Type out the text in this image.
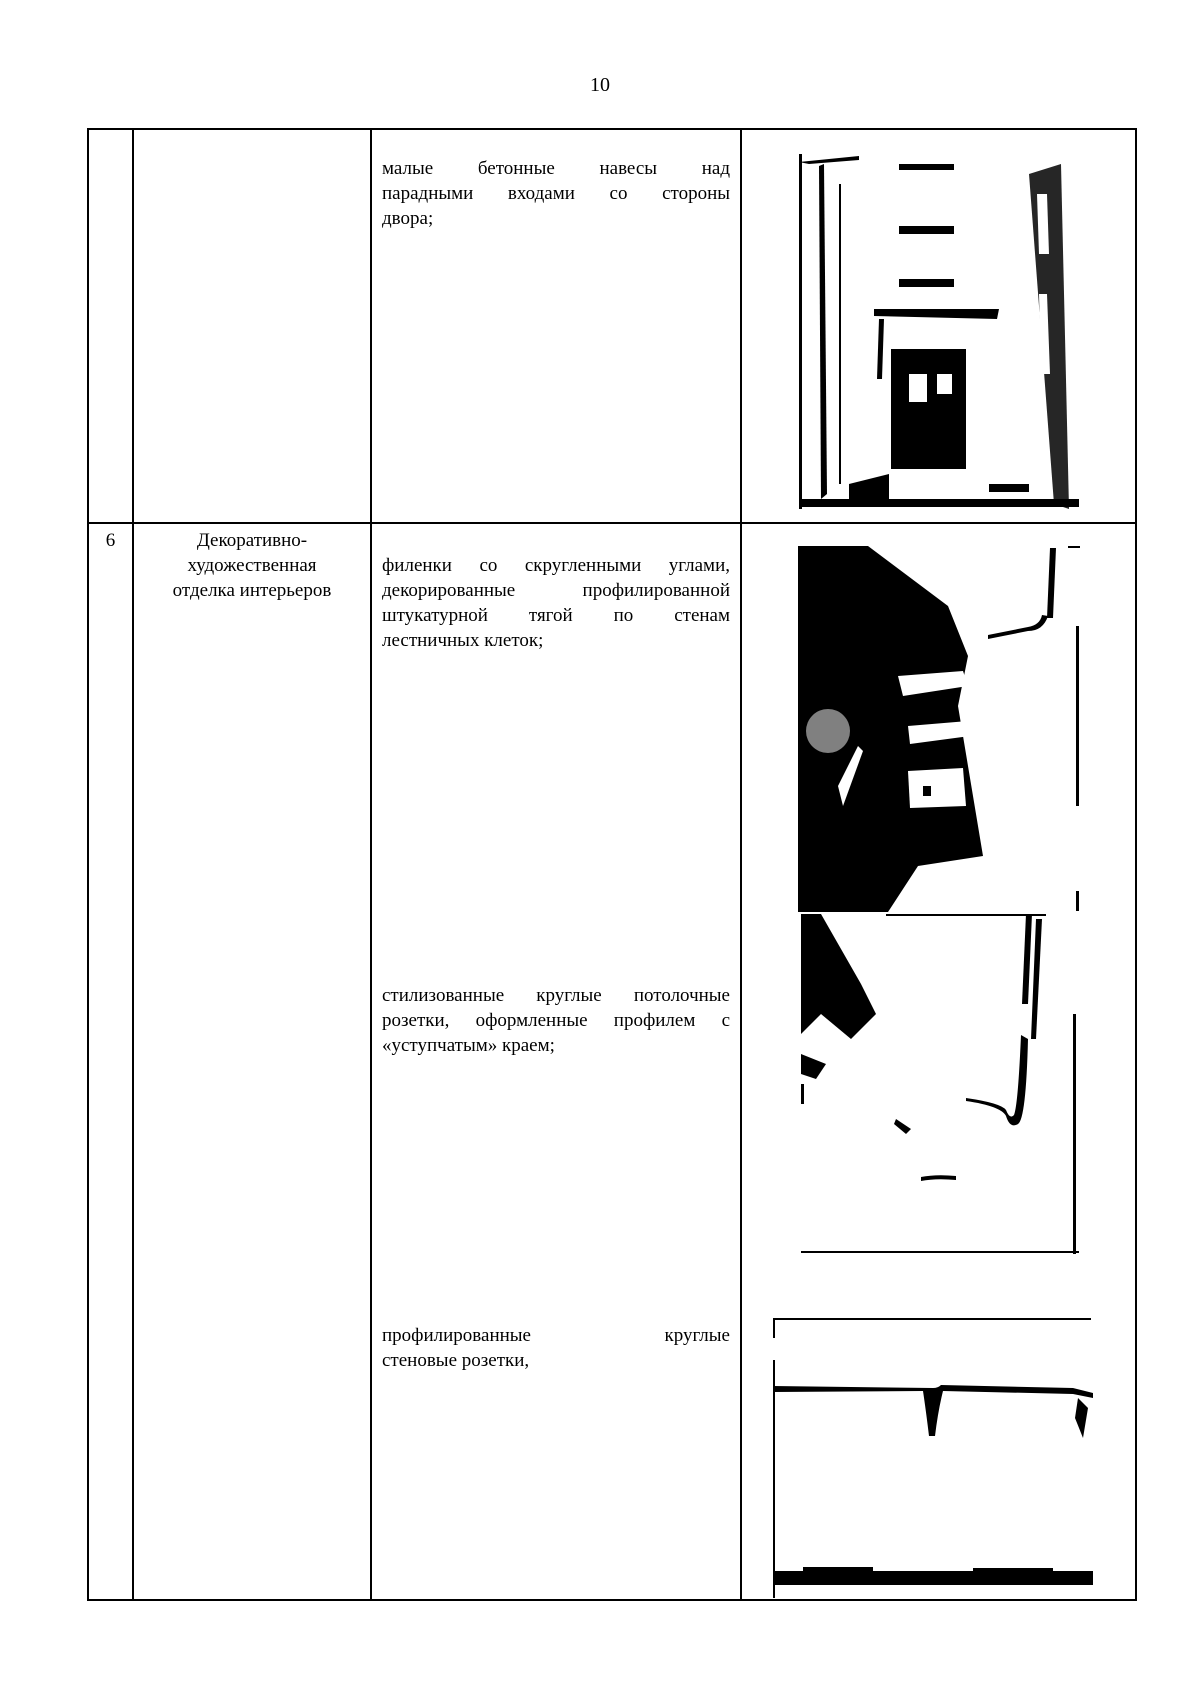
10
малые бетонные навесы над
парадными входами со стороны
двора;
6	Декоративно-
художественная
отделка интерьеров
филенки со скругленными углами,
декорированные профилированной
штукатурной тягой по стенам
лестничных клеток;
стилизованные круглые потолочные
розетки, оформленные профилем с
«уступчатым» краем;
профилированные круглые
стеновые розетки,
